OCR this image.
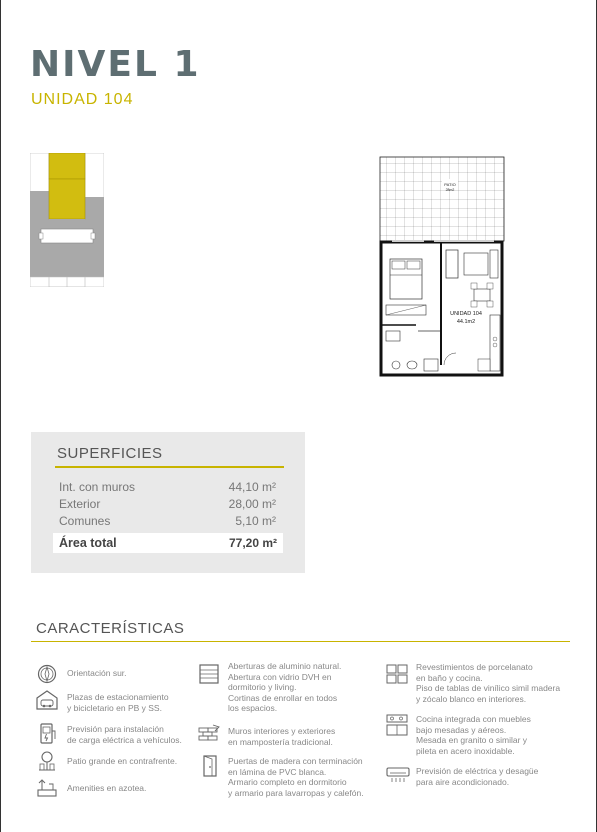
NIVEL 1
UNIDAD 104
PATIO
28m2
UNIDAD 104
44.1m2
SUPERFICIES
Int. con muros	44,10 m²
Exterior	28,00 m²
Comunes	5,10 m²
Área total	77,20 m²
CARACTERÍSTICAS
Orientación sur.
Plazas de estacionamiento
y bicicletario en PB y SS.
Previsión para instalación
de carga eléctrica a vehículos.
Patio grande en contrafrente.
Amenities en azotea.
Aberturas de aluminio natural.
Abertura con vidrio DVH en
dormitorio y living.
Cortinas de enrollar en todos
los espacios.
Muros interiores y exteriores
en mampostería tradicional.
Puertas de madera con terminación
en lámina de PVC blanca.
Armario completo en dormitorio
y armario para lavarropas y calefón.
Revestimientos de porcelanato
en baño y cocina.
Piso de tablas de vinílico simil madera
y zócalo blanco en interiores.
Cocina integrada con muebles
bajo mesadas y aéreos.
Mesada en granito o similar y
pileta en acero inoxidable.
Previsión de eléctrica y desagüe
para aire acondicionado.
